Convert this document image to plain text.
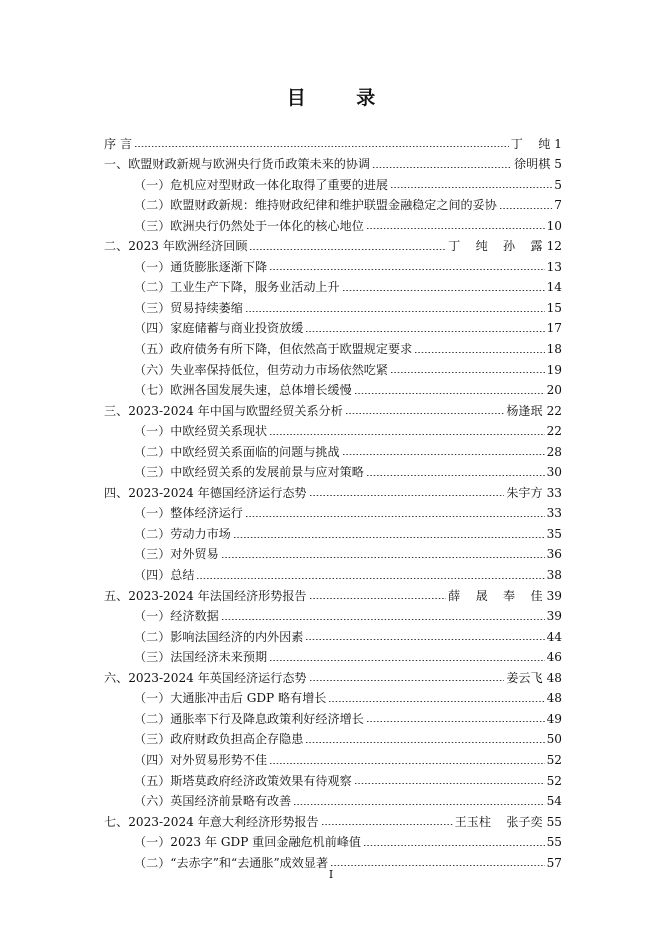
目 录
序 言	丁    纯 1
一、欧盟财政新规与欧洲央行货币政策未来的协调	徐明棋 5
（一）危机应对型财政一体化取得了重要的进展	5
（二）欧盟财政新规：维持财政纪律和维护联盟金融稳定之间的妥协	7
（三）欧洲央行仍然处于一体化的核心地位	10
二、2023 年欧洲经济回顾	丁    纯    孙    露 12
（一）通货膨胀逐渐下降	13
（二）工业生产下降，服务业活动上升	14
（三）贸易持续萎缩	15
（四）家庭储蓄与商业投资放缓	17
（五）政府债务有所下降，但依然高于欧盟规定要求	18
（六）失业率保持低位，但劳动力市场依然吃紧	19
（七）欧洲各国发展失速，总体增长缓慢	20
三、2023-2024 年中国与欧盟经贸关系分析	杨逢珉 22
（一）中欧经贸关系现状	22
（二）中欧经贸关系面临的问题与挑战	28
（三）中欧经贸关系的发展前景与应对策略	30
四、2023-2024 年德国经济运行态势	朱宇方 33
（一）整体经济运行	33
（二）劳动力市场	35
（三）对外贸易	36
（四）总结	38
五、2023-2024 年法国经济形势报告	薛    晟    奉    佳 39
（一）经济数据	39
（二）影响法国经济的内外因素	44
（三）法国经济未来预期	46
六、2023-2024 年英国经济运行态势	姜云飞 48
（一）大通胀冲击后 GDP 略有增长	48
（二）通胀率下行及降息政策利好经济增长	49
（三）政府财政负担高企存隐患	50
（四）对外贸易形势不佳	52
（五）斯塔莫政府经济政策效果有待观察	52
（六）英国经济前景略有改善	54
七、2023-2024 年意大利经济形势报告	王玉柱    张子奕 55
（一）2023 年 GDP 重回金融危机前峰值	55
（二）“去赤字”和“去通胀”成效显著	57
I
